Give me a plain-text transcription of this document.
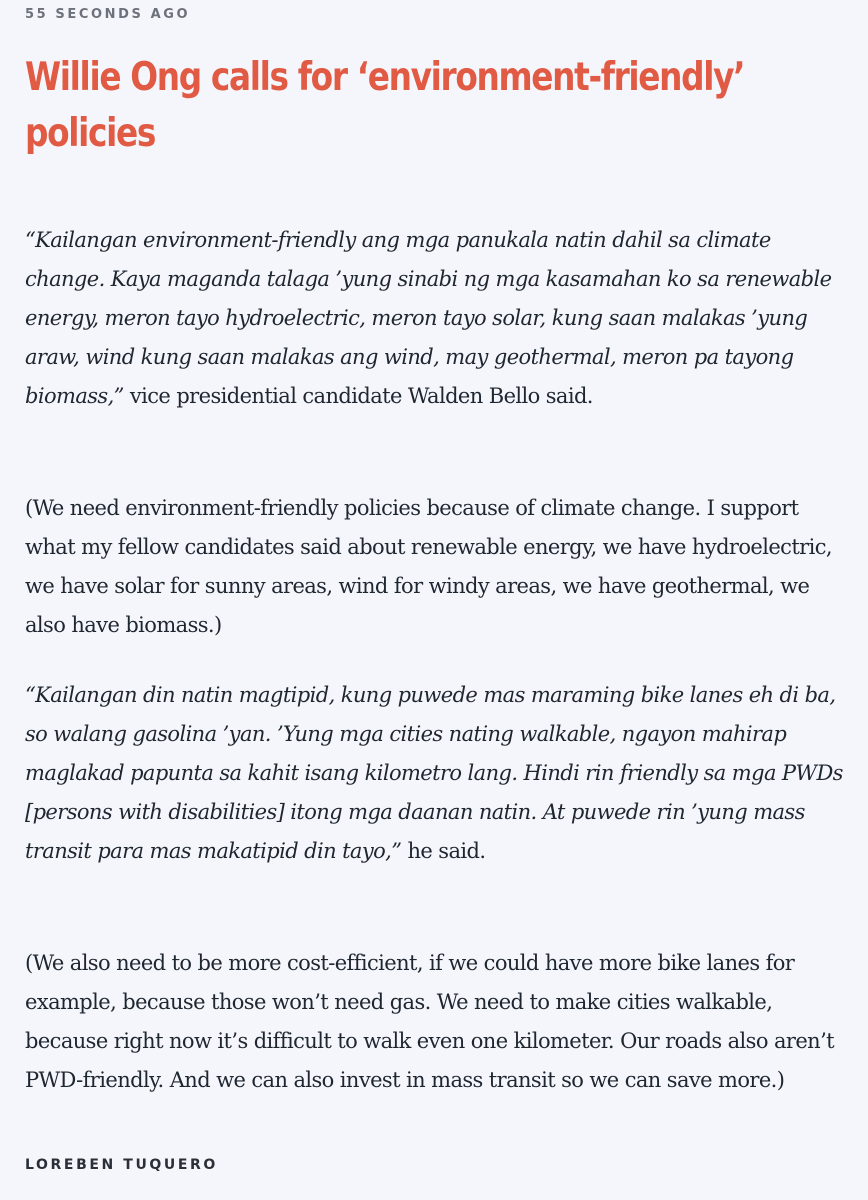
55 SECONDS AGO

Willie Ong calls for ‘environment-friendly’ policies

“Kailangan environment-friendly ang mga panukala natin dahil sa climate change. Kaya maganda talaga ’yung sinabi ng mga kasamahan ko sa renewable energy, meron tayo hydroelectric, meron tayo solar, kung saan malakas ’yung araw, wind kung saan malakas ang wind, may geothermal, meron pa tayong biomass,” vice presidential candidate Walden Bello said.

(We need environment-friendly policies because of climate change. I support what my fellow candidates said about renewable energy, we have hydroelectric, we have solar for sunny areas, wind for windy areas, we have geothermal, we also have biomass.)

“Kailangan din natin magtipid, kung puwede mas maraming bike lanes eh di ba, so walang gasolina ’yan. ’Yung mga cities nating walkable, ngayon mahirap maglakad papunta sa kahit isang kilometro lang. Hindi rin friendly sa mga PWDs [persons with disabilities] itong mga daanan natin. At puwede rin ’yung mass transit para mas makatipid din tayo,” he said.

(We also need to be more cost-efficient, if we could have more bike lanes for example, because those won’t need gas. We need to make cities walkable, because right now it’s difficult to walk even one kilometer. Our roads also aren’t PWD-friendly. And we can also invest in mass transit so we can save more.)

LOREBEN TUQUERO
